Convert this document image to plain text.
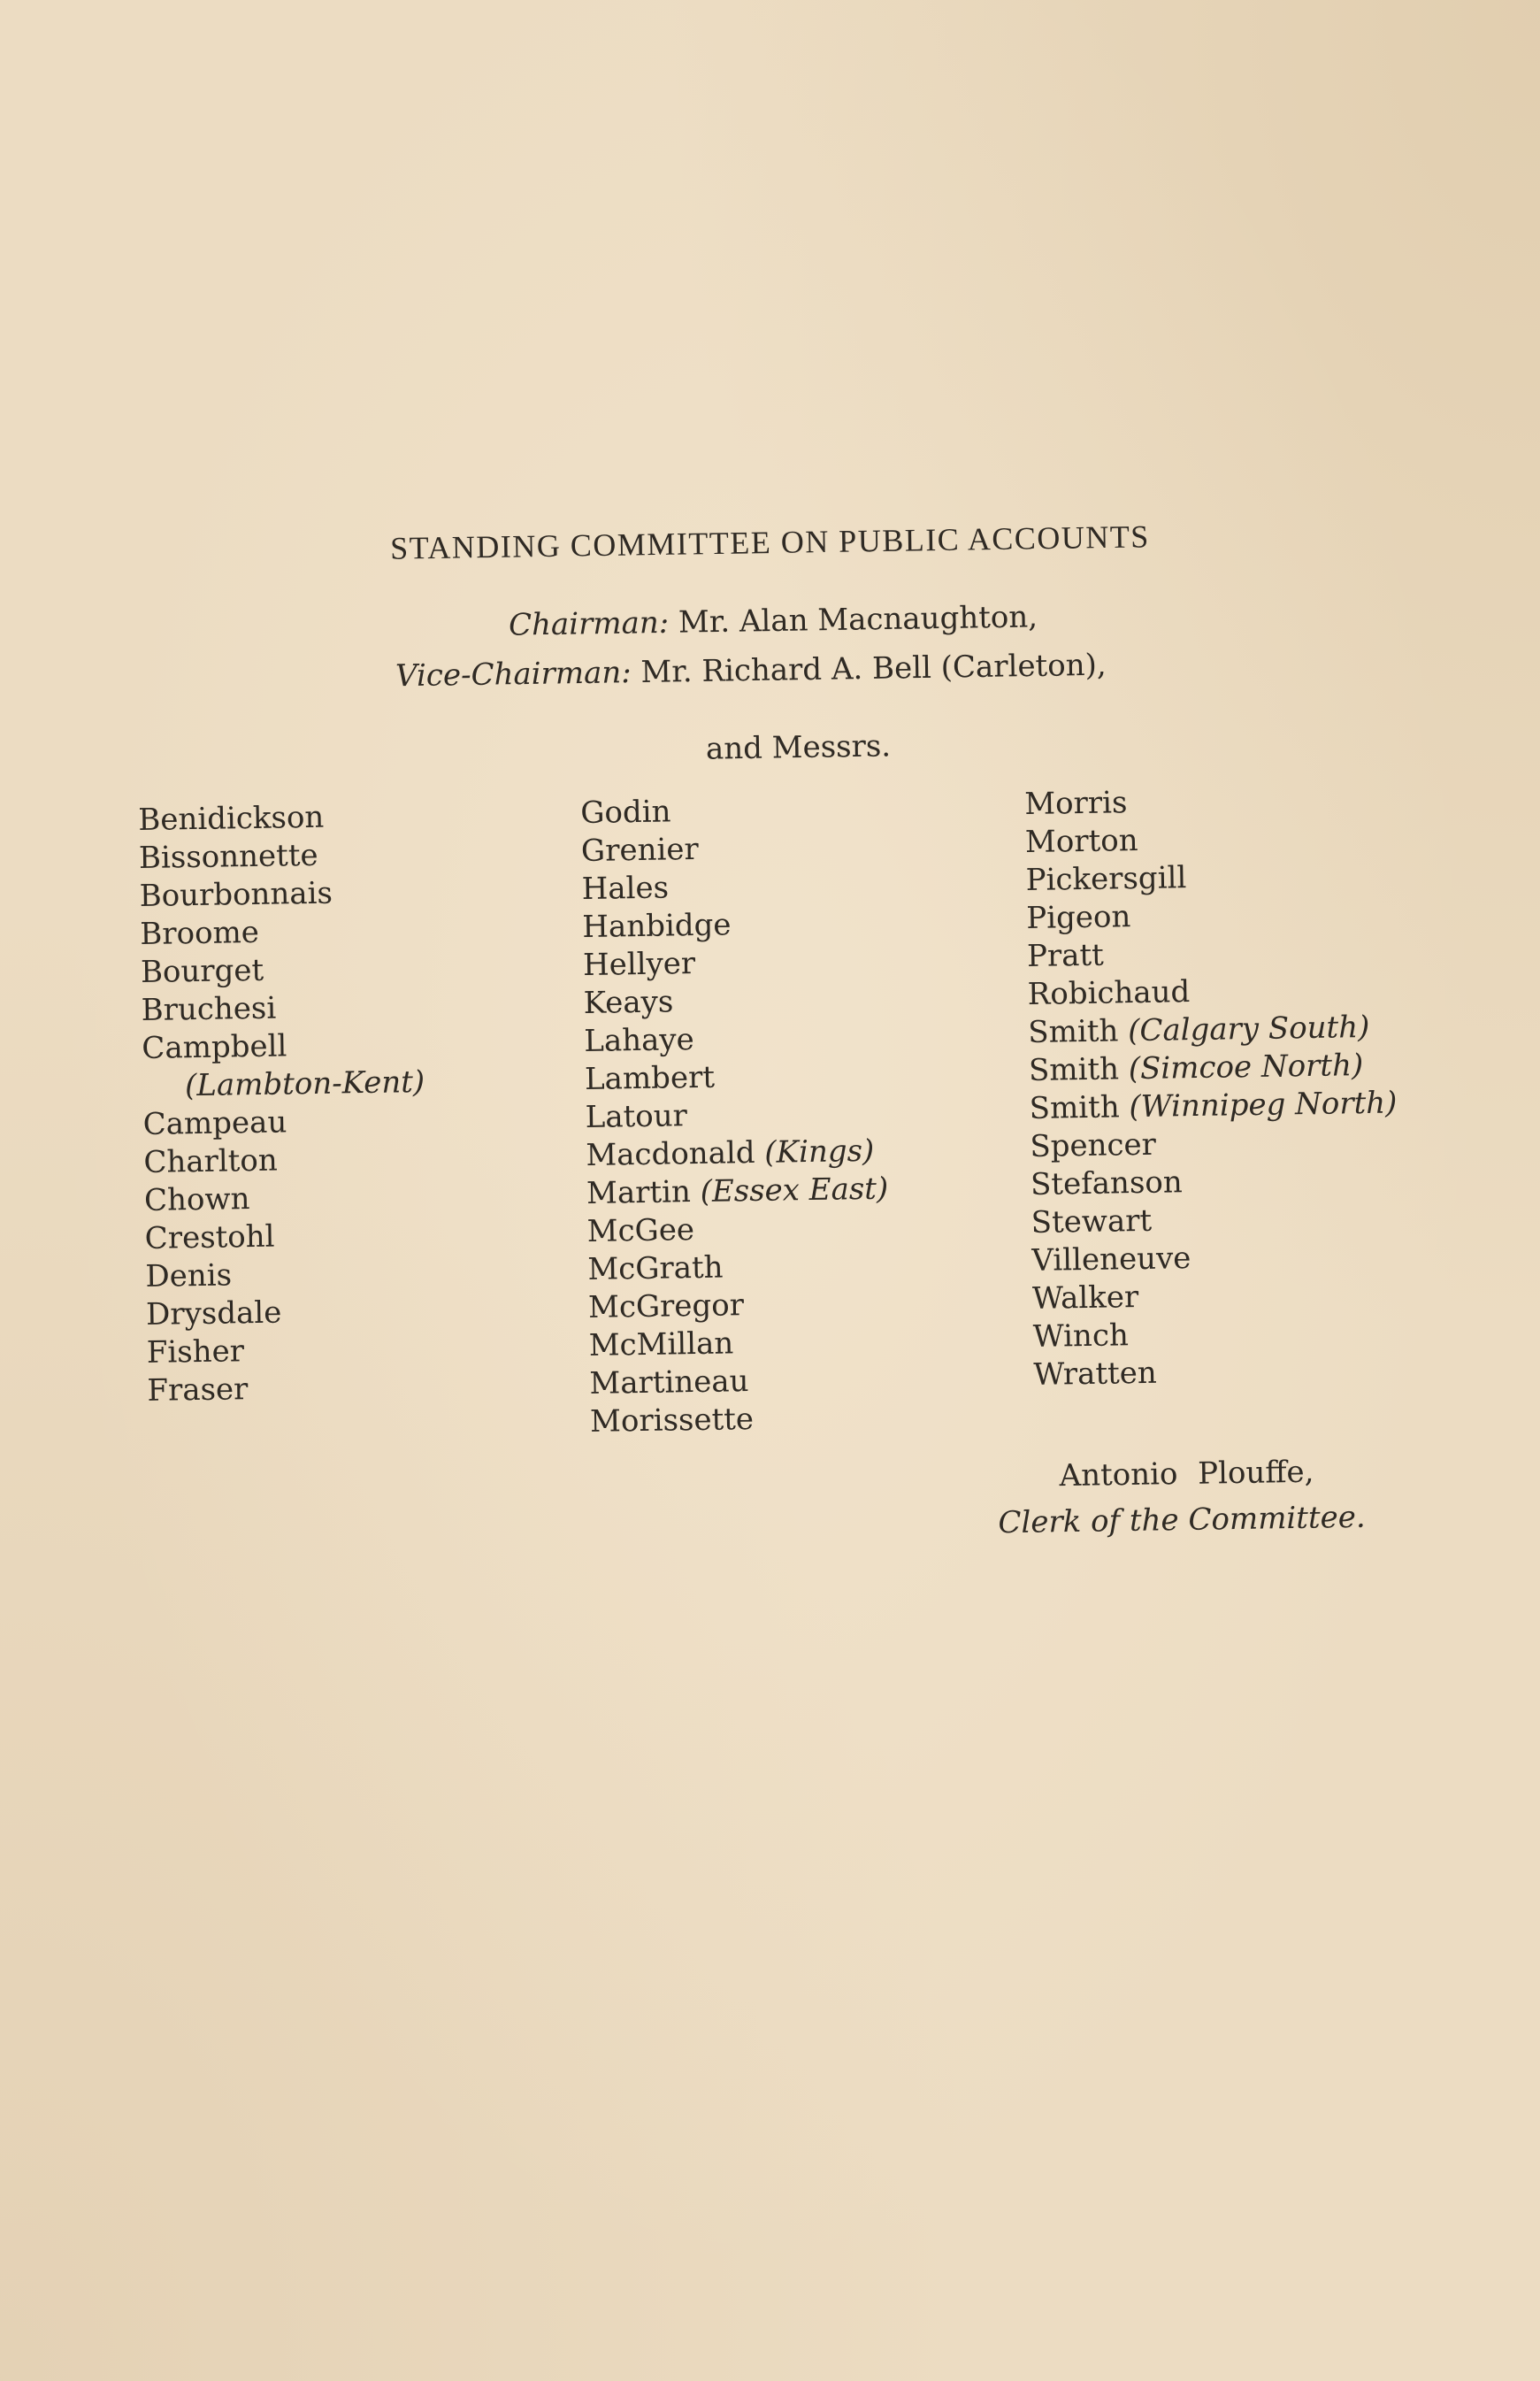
STANDING COMMITTEE ON PUBLIC ACCOUNTS
Chairman: Mr. Alan Macnaughton,
Vice-Chairman: Mr. Richard A. Bell (Carleton),
and Messrs.
Benidickson
Bissonnette
Bourbonnais
Broome
Bourget
Bruchesi
Campbell
(Lambton-Kent)
Campeau
Charlton
Chown
Crestohl
Denis
Drysdale
Fisher
Fraser
Godin
Grenier
Hales
Hanbidge
Hellyer
Keays
Lahaye
Lambert
Latour
Macdonald (Kings)
Martin (Essex East)
McGee
McGrath
McGregor
McMillan
Martineau
Morissette
Morris
Morton
Pickersgill
Pigeon
Pratt
Robichaud
Smith (Calgary South)
Smith (Simcoe North)
Smith (Winnipeg North)
Spencer
Stefanson
Stewart
Villeneuve
Walker
Winch
Wratten
Antonio Plouffe,
Clerk of the Committee.
